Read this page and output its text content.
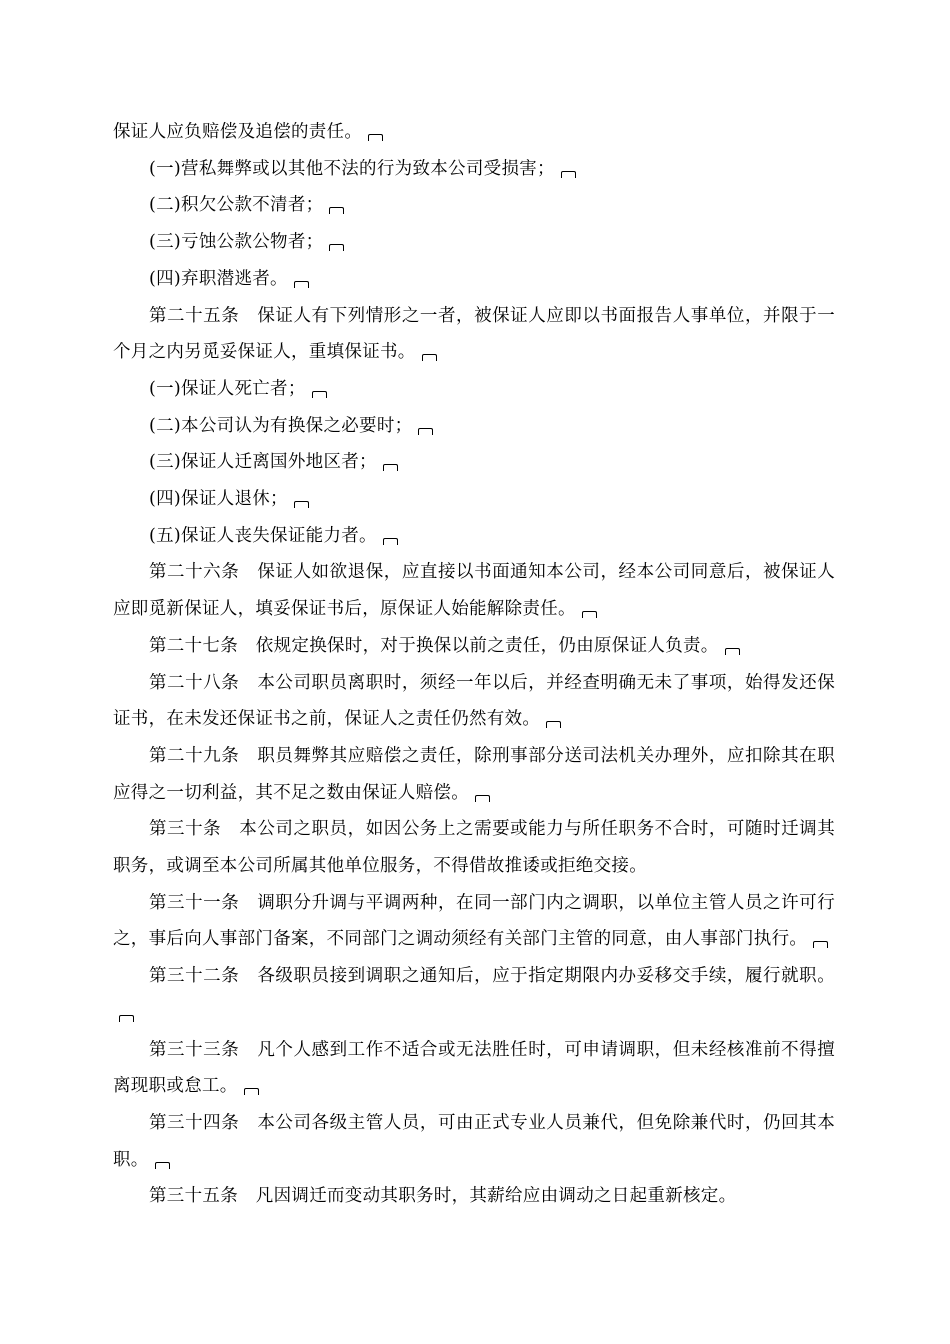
保证人应负赔偿及追偿的责任。

(一)营私舞弊或以其他不法的行为致本公司受损害；

(二)积欠公款不清者；

(三)亏蚀公款公物者；

(四)弃职潜逃者。

第二十五条　保证人有下列情形之一者，被保证人应即以书面报告人事单位，并限于一个月之内另觅妥保证人，重填保证书。

(一)保证人死亡者；

(二)本公司认为有换保之必要时；

(三)保证人迁离国外地区者；

(四)保证人退休；

(五)保证人丧失保证能力者。

第二十六条　保证人如欲退保，应直接以书面通知本公司，经本公司同意后，被保证人应即觅新保证人，填妥保证书后，原保证人始能解除责任。

第二十七条　依规定换保时，对于换保以前之责任，仍由原保证人负责。

第二十八条　本公司职员离职时，须经一年以后，并经查明确无未了事项，始得发还保证书，在未发还保证书之前，保证人之责任仍然有效。

第二十九条　职员舞弊其应赔偿之责任，除刑事部分送司法机关办理外，应扣除其在职应得之一切利益，其不足之数由保证人赔偿。

第三十条　本公司之职员，如因公务上之需要或能力与所任职务不合时，可随时迁调其职务，或调至本公司所属其他单位服务，不得借故推诿或拒绝交接。

第三十一条　调职分升调与平调两种，在同一部门内之调职，以单位主管人员之许可行之，事后向人事部门备案，不同部门之调动须经有关部门主管的同意，由人事部门执行。

第三十二条　各级职员接到调职之通知后，应于指定期限内办妥移交手续，履行就职。

第三十三条　凡个人感到工作不适合或无法胜任时，可申请调职，但未经核准前不得擅离现职或怠工。

第三十四条　本公司各级主管人员，可由正式专业人员兼代，但免除兼代时，仍回其本职。

第三十五条　凡因调迁而变动其职务时，其薪给应由调动之日起重新核定。
